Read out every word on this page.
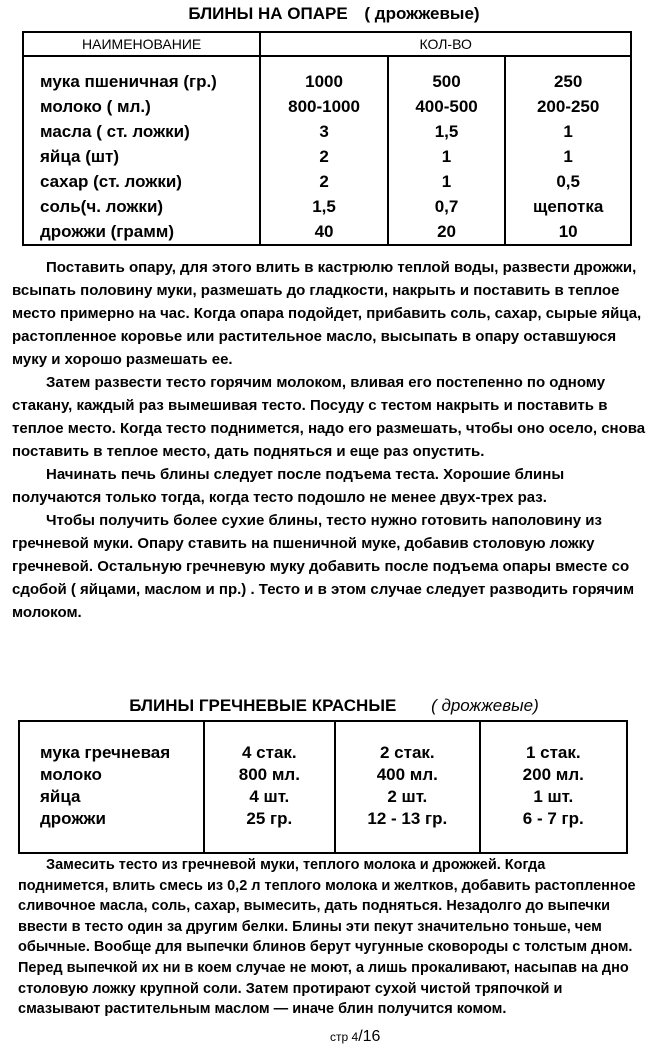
БЛИНЫ НА ОПАРЕ ( дрожжевые)
НАИМЕНОВАНИЕ	КОЛ-ВО		
мука пшеничная (гр.)	1000	500	250
молоко ( мл.)	800-1000	400-500	200-250
масла ( ст. ложки)	3	1,5	1
яйца (шт)	2	1	1
сахар (ст. ложки)	2	1	0,5
соль(ч. ложки)	1,5	0,7	щепотка
дрожжи (грамм)	40	20	10

Поставить опару, для этого влить в кастрюлю теплой воды, развести дрожжи, всыпать половину муки, размешать до гладкости, накрыть и поставить в теплое место примерно на час. Когда опара подойдет, прибавить соль, сахар, сырые яйца, растопленное коровье или растительное масло, высыпать в опару оставшуюся муку и хорошо размешать ее.

Затем развести тесто горячим молоком, вливая его постепенно по одному стакану, каждый раз вымешивая тесто. Посуду с тестом накрыть и поставить в теплое место. Когда тесто поднимется, надо его размешать, чтобы оно осело, снова поставить в теплое место, дать подняться и еще раз опустить.

Начинать печь блины следует после подъема теста. Хорошие блины получаются только тогда, когда тесто подошло не менее двух-трех раз.

Чтобы получить более сухие блины, тесто нужно готовить наполовину из гречневой муки. Опару ставить на пшеничной муке, добавив столовую ложку гречневой. Остальную гречневую муку добавить после подъема опары вместе со сдобой ( яйцами, маслом и пр.) . Тесто и в этом случае следует разводить горячим молоком.

БЛИНЫ ГРЕЧНЕВЫЕ КРАСНЫЕ ( дрожжевые)
мука гречневая	4 стак.	2 стак.	1 стак.
молоко	800 мл.	400 мл.	200 мл.
яйца	4 шт.	2 шт.	1 шт.
дрожжи	25 гр.	12 - 13 гр.	6 - 7 гр.

Замесить тесто из гречневой муки, теплого молока и дрожжей. Когда поднимется, влить смесь из 0,2 л теплого молока и желтков, добавить растопленное сливочное масла, соль, сахар, вымесить, дать подняться. Незадолго до выпечки ввести в тесто один за другим белки. Блины эти пекут значительно тоньше, чем обычные. Вообще для выпечки блинов берут чугунные сковороды с толстым дном. Перед выпечкой их ни в коем случае не моют, а лишь прокаливают, насыпав на дно столовую ложку крупной соли. Затем протирают сухой чистой тряпочкой и смазывают растительным маслом — иначе блин получится комом.

стр 4/16
